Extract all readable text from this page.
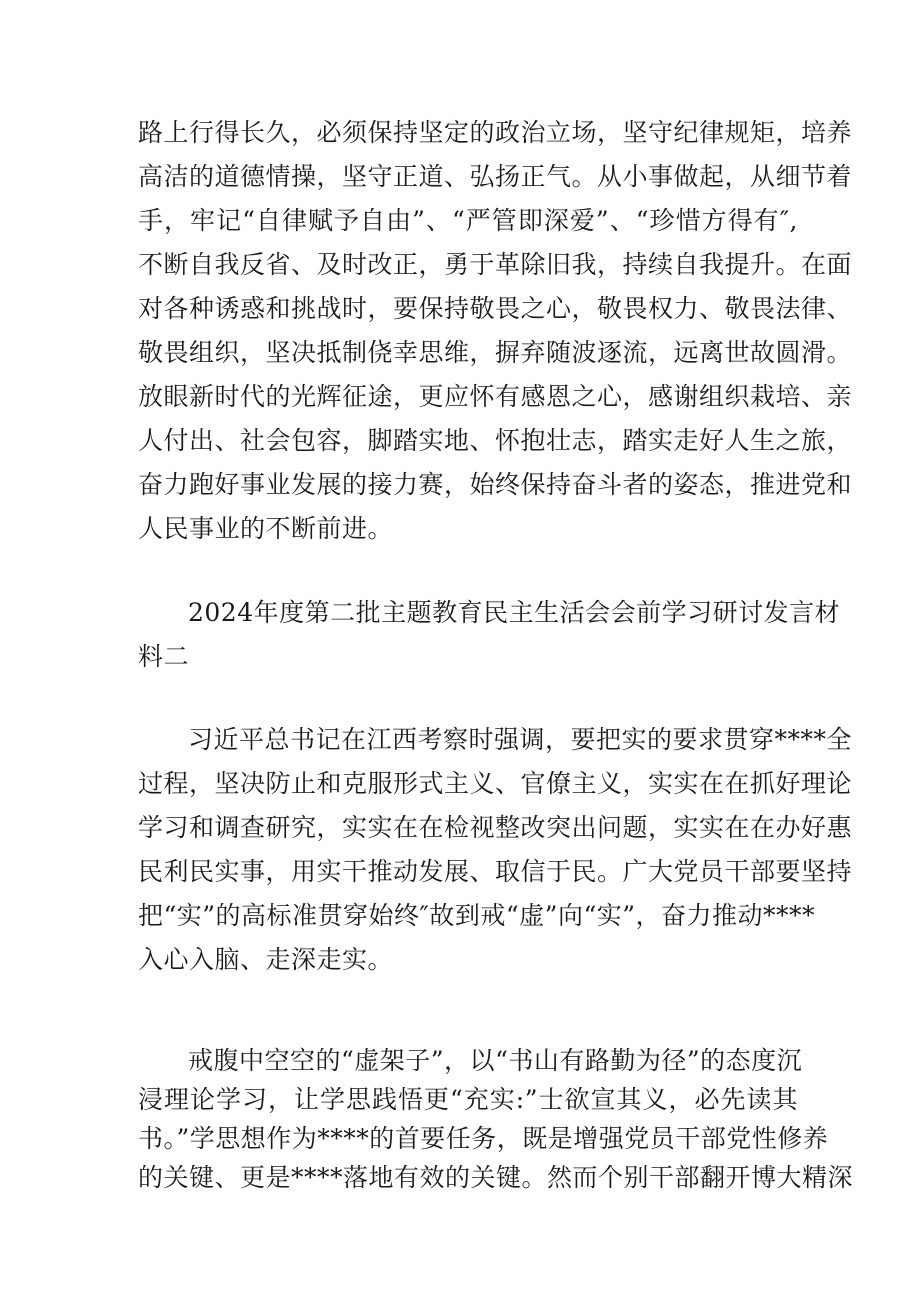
路上行得长久，必须保持坚定的政治立场，坚守纪律规矩，培养
高洁的道德情操，坚守正道、弘扬正气。从小事做起，从细节着
手，牢记“自律赋予自由”、“严管即深爱”、“珍惜方得有″,
不断自我反省、及时改正，勇于革除旧我，持续自我提升。在面
对各种诱惑和挑战时，要保持敬畏之心，敬畏权力、敬畏法律、
敬畏组织，坚决抵制侥幸思维，摒弃随波逐流，远离世故圆滑。
放眼新时代的光辉征途，更应怀有感恩之心，感谢组织栽培、亲
人付出、社会包容，脚踏实地、怀抱壮志，踏实走好人生之旅，
奋力跑好事业发展的接力赛，始终保持奋斗者的姿态，推进党和
人民事业的不断前进。
2024年度第二批主题教育民主生活会会前学习研讨发言材
料二
习近平总书记在江西考察时强调，要把实的要求贯穿****全
过程，坚决防止和克服形式主义、官僚主义，实实在在抓好理论
学习和调查研究，实实在在检视整改突出问题，实实在在办好惠
民利民实事，用实干推动发展、取信于民。广大党员干部要坚持
把“实”的高标准贯穿始终″故到戒“虚”向“实”，奋力推动****
入心入脑、走深走实。
戒腹中空空的“虚架子”，以“书山有路勤为径”的态度沉
浸理论学习，让学思践悟更“充实:”士欲宣其义，必先读其
书。”学思想作为****的首要任务，既是增强党员干部党性修养
的关键、更是****落地有效的关键。然而个别干部翻开博大精深
